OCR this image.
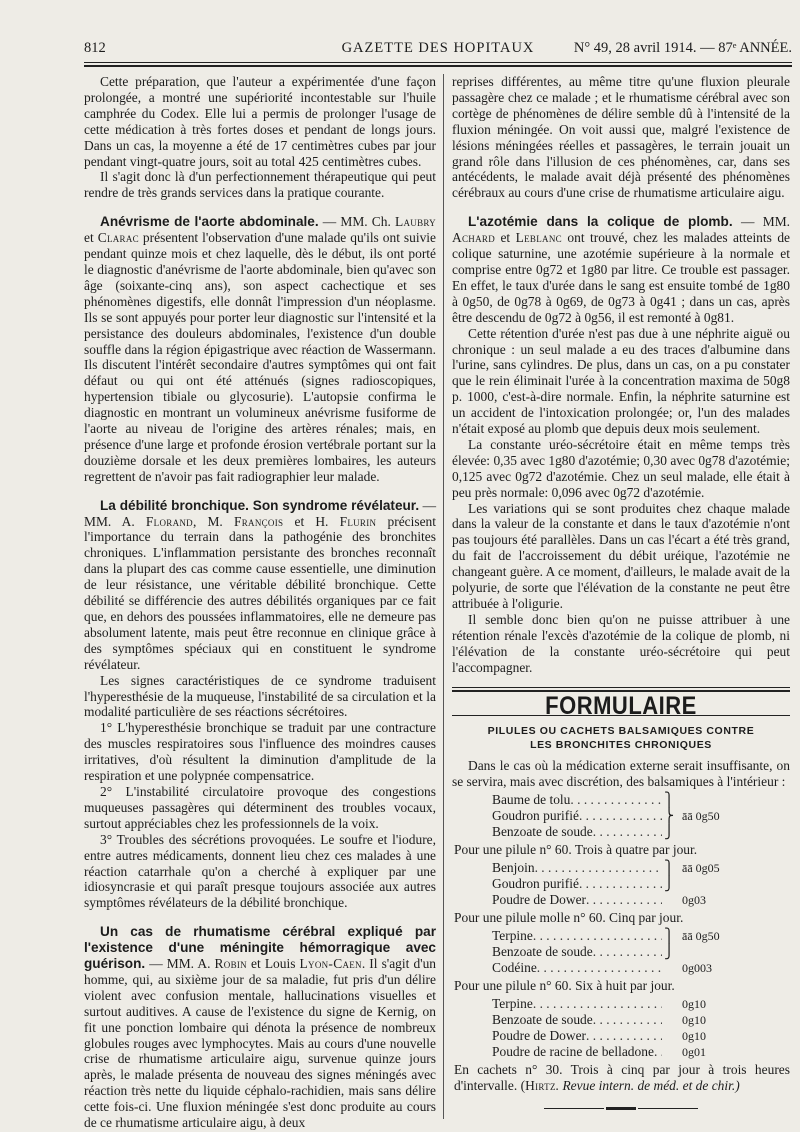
812	GAZETTE DES HOPITAUX	N° 49, 28 avril 1914. — 87ᵉ ANNÉE.

Cette préparation, que l'auteur a expérimentée d'une façon prolongée, a montré une supériorité incontestable sur l'huile camphrée du Codex. Elle lui a permis de prolonger l'usage de cette médication à très fortes doses et pendant de longs jours. Dans un cas, la moyenne a été de 17 centimètres cubes par jour pendant vingt-quatre jours, soit au total 425 centimètres cubes.

Il s'agit donc là d'un perfectionnement thérapeutique qui peut rendre de très grands services dans la pratique courante.

Anévrisme de l'aorte abdominale. — MM. Ch. Laubry et Clarac présentent l'observation d'une malade qu'ils ont suivie pendant quinze mois et chez laquelle, dès le début, ils ont porté le diagnostic d'anévrisme de l'aorte abdominale, bien qu'avec son âge (soixante-cinq ans), son aspect cachectique et ses phénomènes digestifs, elle donnât l'impression d'un néoplasme. Ils se sont appuyés pour porter leur diagnostic sur l'intensité et la persistance des douleurs abdominales, l'existence d'un double souffle dans la région épigastrique avec réaction de Wassermann. Ils discutent l'intérêt secondaire d'autres symptômes qui ont fait défaut ou qui ont été atténués (signes radioscopiques, hypertension tibiale ou glycosurie). L'autopsie confirma le diagnostic en montrant un volumineux anévrisme fusiforme de l'aorte au niveau de l'origine des artères rénales; mais, en présence d'une large et profonde érosion vertébrale portant sur la douzième dorsale et les deux premières lombaires, les auteurs regrettent de n'avoir pas fait radiographier leur malade.

La débilité bronchique. Son syndrome révélateur. — MM. A. Florand, M. François et H. Flurin précisent l'importance du terrain dans la pathogénie des bronchites chroniques. L'inflammation persistante des bronches reconnaît dans la plupart des cas comme cause essentielle, une diminution de leur résistance, une véritable débilité bronchique. Cette débilité se différencie des autres débilités organiques par ce fait que, en dehors des poussées inflammatoires, elle ne demeure pas absolument latente, mais peut être reconnue en clinique grâce à des symptômes spéciaux qui en constituent le syndrome révélateur.

Les signes caractéristiques de ce syndrome traduisent l'hyperesthésie de la muqueuse, l'instabilité de sa circulation et la modalité particulière de ses réactions sécrétoires.

1° L'hyperesthésie bronchique se traduit par une contracture des muscles respiratoires sous l'influence des moindres causes irritatives, d'où résultent la diminution d'amplitude de la respiration et une polypnée compensatrice.

2° L'instabilité circulatoire provoque des congestions muqueuses passagères qui déterminent des troubles vocaux, surtout appréciables chez les professionnels de la voix.

3° Troubles des sécrétions provoquées. Le soufre et l'iodure, entre autres médicaments, donnent lieu chez ces malades à une réaction catarrhale qu'on a cherché à expliquer par une idiosyncrasie et qui paraît presque toujours associée aux autres symptômes révélateurs de la débilité bronchique.

Un cas de rhumatisme cérébral expliqué par l'existence d'une méningite hémorragique avec guérison. — MM. A. Robin et Louis Lyon-Caen. Il s'agit d'un homme, qui, au sixième jour de sa maladie, fut pris d'un délire violent avec confusion mentale, hallucinations visuelles et surtout auditives. A cause de l'existence du signe de Kernig, on fit une ponction lombaire qui dénota la présence de nombreux globules rouges avec lymphocytes. Mais au cours d'une nouvelle crise de rhumatisme articulaire aigu, survenue quinze jours après, le malade présenta de nouveau des signes méningés avec réaction très nette du liquide céphalo-rachidien, mais sans délire cette fois-ci. Une fluxion méningée s'est donc produite au cours de ce rhumatisme articulaire aigu, à deux

reprises différentes, au même titre qu'une fluxion pleurale passagère chez ce malade ; et le rhumatisme cérébral avec son cortège de phénomènes de délire semble dû à l'intensité de la fluxion méningée. On voit aussi que, malgré l'existence de lésions méningées réelles et passagères, le terrain jouait un grand rôle dans l'illusion de ces phénomènes, car, dans ses antécédents, le malade avait déjà présenté des phénomènes cérébraux au cours d'une crise de rhumatisme articulaire aigu.

L'azotémie dans la colique de plomb. — MM. Achard et Leblanc ont trouvé, chez les malades atteints de colique saturnine, une azotémie supérieure à la normale et comprise entre 0g72 et 1g80 par litre. Ce trouble est passager. En effet, le taux d'urée dans le sang est ensuite tombé de 1g80 à 0g50, de 0g78 à 0g69, de 0g73 à 0g41 ; dans un cas, après être descendu de 0g72 à 0g56, il est remonté à 0g81.

Cette rétention d'urée n'est pas due à une néphrite aiguë ou chronique : un seul malade a eu des traces d'albumine dans l'urine, sans cylindres. De plus, dans un cas, on a pu constater que le rein éliminait l'urée à la concentration maxima de 50g8 p. 1000, c'est-à-dire normale. Enfin, la néphrite saturnine est un accident de l'intoxication prolongée; or, l'un des malades n'était exposé au plomb que depuis deux mois seulement.

La constante uréo-sécrétoire était en même temps très élevée: 0,35 avec 1g80 d'azotémie; 0,30 avec 0g78 d'azotémie; 0,125 avec 0g72 d'azotémie. Chez un seul malade, elle était à peu près normale: 0,096 avec 0g72 d'azotémie.

Les variations qui se sont produites chez chaque malade dans la valeur de la constante et dans le taux d'azotémie n'ont pas toujours été parallèles. Dans un cas l'écart a été très grand, du fait de l'accroissement du débit uréique, l'azotémie ne changeant guère. A ce moment, d'ailleurs, le malade avait de la polyurie, de sorte que l'élévation de la constante ne peut être attribuée à l'oligurie.

Il semble donc bien qu'on ne puisse attribuer à une rétention rénale l'excès d'azotémie de la colique de plomb, ni l'élévation de la constante uréo-sécrétoire qui peut l'accompagner.

FORMULAIRE
PILULES OU CACHETS BALSAMIQUES CONTRE
LES BRONCHITES CHRONIQUES

Dans le cas où la médication externe serait insuffisante, on se servira, mais avec discrétion, des balsamiques à l'intérieur :

Baume de tolu . . .	⎫
Goudron purifié . . .	⎬ āā 0g50
Benzoate de soude . . .	⎭

Pour une pilule n° 60. Trois à quatre par jour.

Benjoin . . .	⎫ āā 0g05
Goudron purifié . . .	⎭
Poudre de Dower . . .	0g03

Pour une pilule molle n° 60. Cinq par jour.

Terpine . . .	⎫ āā 0g50
Benzoate de soude . . .	⎭
Codéine . . .	0g003

Pour une pilule n° 60. Six à huit par jour.

Terpine . . .	0g10
Benzoate de soude . . .	0g10
Poudre de Dower . . .	0g10
Poudre de racine de belladone . . .	0g01

En cachets n° 30. Trois à cinq par jour à trois heures d'intervalle. (Hirtz. Revue intern. de méd. et de chir.)
